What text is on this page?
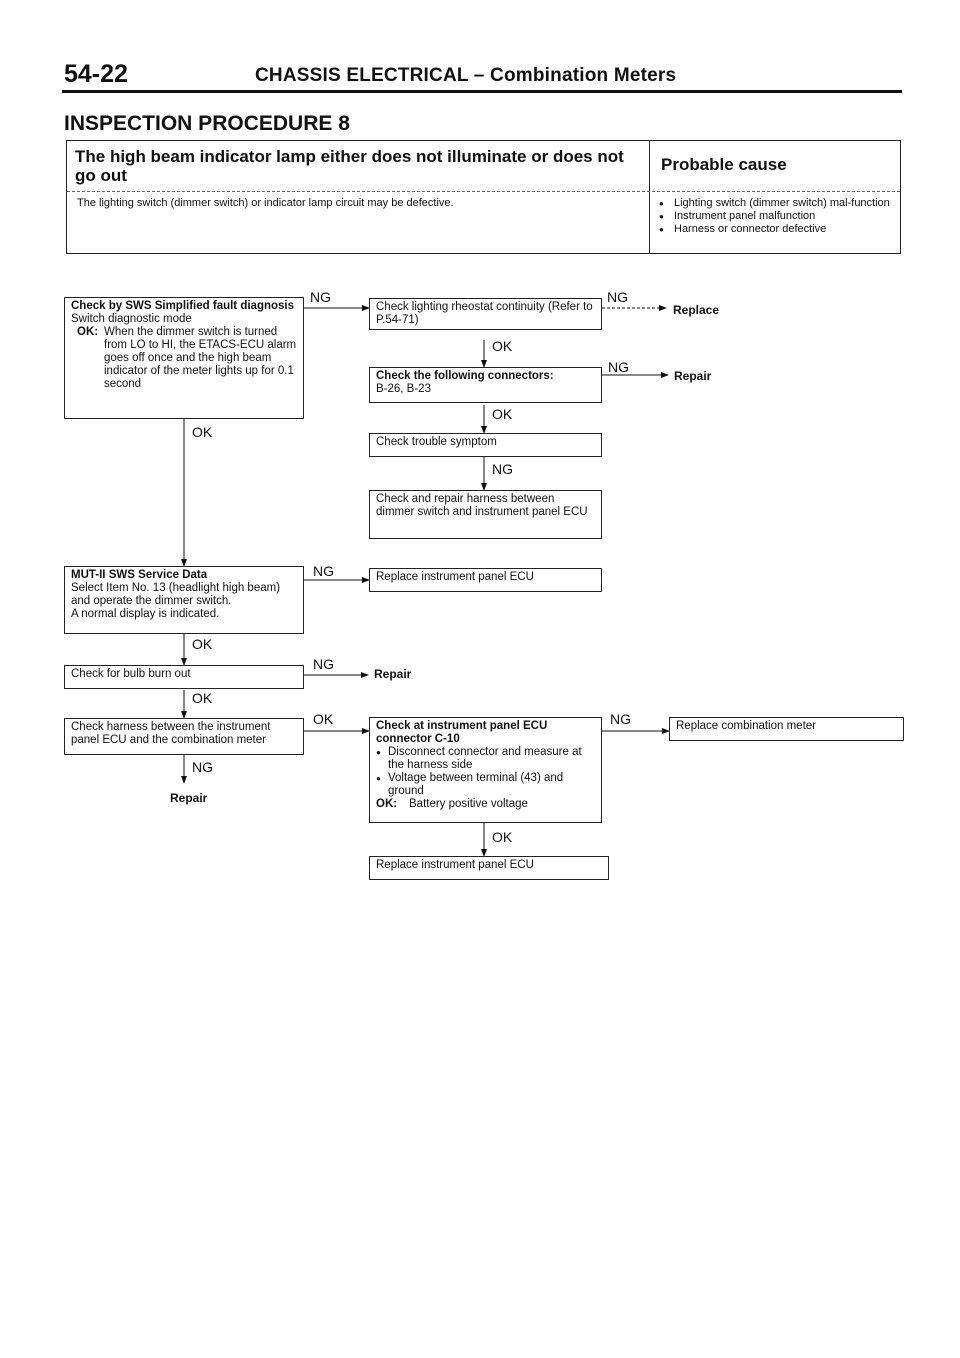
54-22	CHASSIS ELECTRICAL – Combination Meters
INSPECTION PROCEDURE 8
The high beam indicator lamp either does not illuminate or does not go out
Probable cause
The lighting switch (dimmer switch) or indicator lamp circuit may be defective.
●	Lighting switch (dimmer switch) mal-function
● Instrument panel malfunction
● Harness or connector defective
Check by SWS Simplified fault diagnosis
Switch diagnostic mode
OK: When the dimmer switch is turned from LO to HI, the ETACS-ECU alarm goes off once and the high beam indicator of the meter lights up for 0.1 second
Check lighting rheostat continuity (Refer to P.54-71)
Check the following connectors:
B-26, B-23
Check trouble symptom
Check and repair harness between dimmer switch and instrument panel ECU
MUT-II SWS Service Data
Select Item No. 13 (headlight high beam) and operate the dimmer switch.
A normal display is indicated.
Replace instrument panel ECU
Check for bulb burn out
Check harness between the instrument panel ECU and the combination meter
Check at instrument panel ECU connector C-10
● Disconnect connector and measure at the harness side
● Voltage between terminal (43) and ground
OK: Battery positive voltage
Replace instrument panel ECU
Replace combination meter
Replace
Repair
Repair
Repair
NG	NG
OK
NG
OK
OK
NG
NG
OK
NG
OK
OK	NG
NG
OK
